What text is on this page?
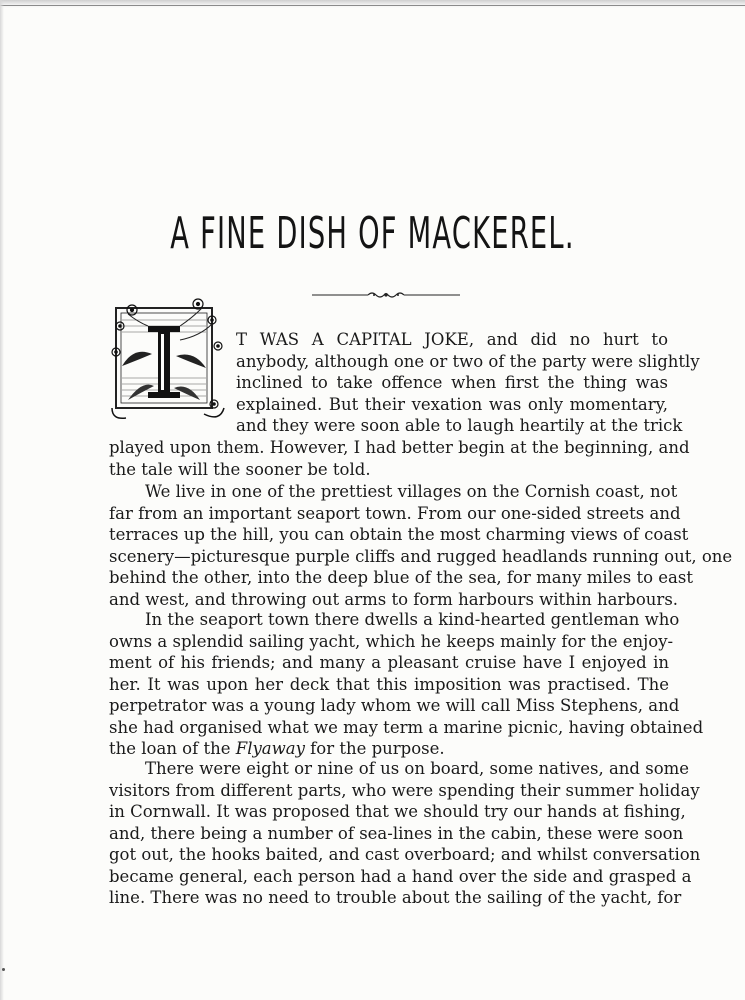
A FINE DISH OF MACKEREL.
T WAS A CAPITAL JOKE, and did no hurt to
anybody, although one or two of the party were slightly
inclined to take offence when first the thing was
explained. But their vexation was only momentary,
and they were soon able to laugh heartily at the trick
played upon them. However, I had better begin at the beginning, and
the tale will the sooner be told.
We live in one of the prettiest villages on the Cornish coast, not
far from an important seaport town. From our one-sided streets and
terraces up the hill, you can obtain the most charming views of coast
scenery—picturesque purple cliffs and rugged headlands running out, one
behind the other, into the deep blue of the sea, for many miles to east
and west, and throwing out arms to form harbours within harbours.
In the seaport town there dwells a kind-hearted gentleman who
owns a splendid sailing yacht, which he keeps mainly for the enjoy-
ment of his friends; and many a pleasant cruise have I enjoyed in
her. It was upon her deck that this imposition was practised. The
perpetrator was a young lady whom we will call Miss Stephens, and
she had organised what we may term a marine picnic, having obtained
the loan of the Flyaway for the purpose.
There were eight or nine of us on board, some natives, and some
visitors from different parts, who were spending their summer holiday
in Cornwall. It was proposed that we should try our hands at fishing,
and, there being a number of sea-lines in the cabin, these were soon
got out, the hooks baited, and cast overboard; and whilst conversation
became general, each person had a hand over the side and grasped a
line. There was no need to trouble about the sailing of the yacht, for
